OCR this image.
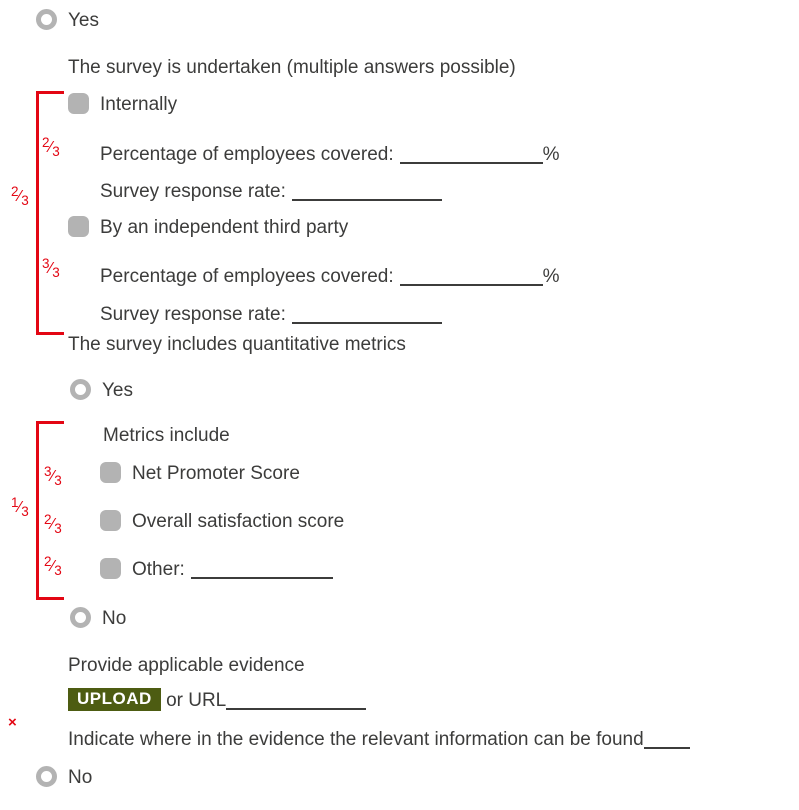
Yes
The survey is undertaken (multiple answers possible)
Internally
Percentage of employees covered:	%
Survey response rate:
By an independent third party
Percentage of employees covered:	%
Survey response rate:
The survey includes quantitative metrics
Yes
Metrics include
Net Promoter Score
Overall satisfaction score
Other:
No
Provide applicable evidence
UPLOAD or URL
Indicate where in the evidence the relevant information can be found
No
2⁄3
2⁄3
3⁄3
3⁄3
1⁄3
2⁄3
2⁄3
×
